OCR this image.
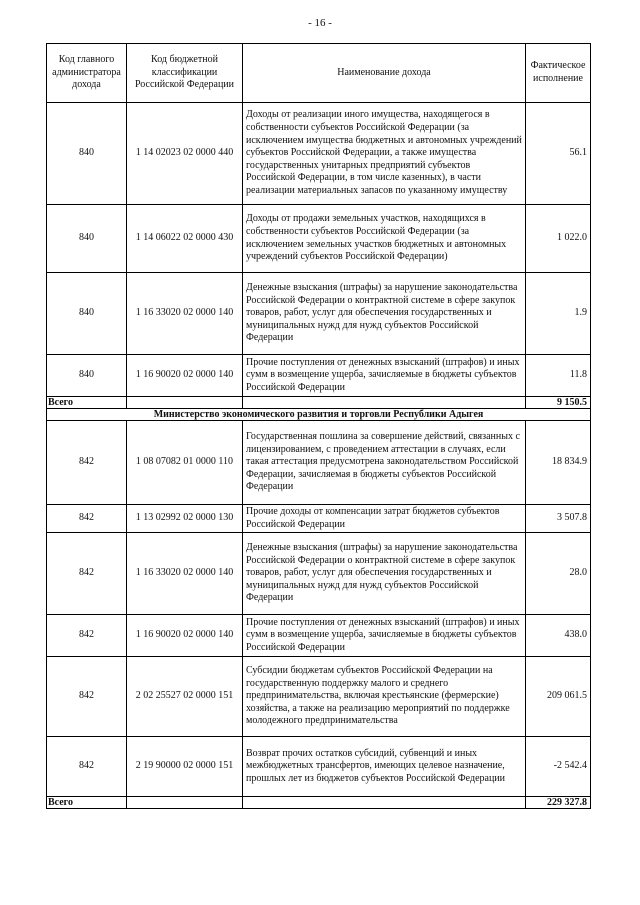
- 16 -
Код главного администратора дохода	Код бюджетной классификации Российской Федерации	Наименование дохода	Фактическое исполнение
840	1 14 02023 02 0000 440	Доходы от реализации иного имущества, находящегося в собственности субъектов Российской Федерации (за исключением имущества бюджетных и автономных учреждений субъектов Российской Федерации, а также имущества государственных унитарных предприятий субъектов Российской Федерации, в том числе казенных), в части реализации материальных запасов по указанному имуществу	56.1
840	1 14 06022 02 0000 430	Доходы от продажи земельных участков, находящихся в собственности субъектов Российской Федерации (за исключением земельных участков бюджетных и автономных учреждений субъектов Российской Федерации)	1 022.0
840	1 16 33020 02 0000 140	Денежные взыскания (штрафы) за нарушение законодательства Российской Федерации о контрактной системе в сфере закупок товаров, работ, услуг для обеспечения государственных и муниципальных нужд для нужд субъектов Российской Федерации	1.9
840	1 16 90020 02 0000 140	Прочие поступления от денежных взысканий (штрафов) и иных сумм в возмещение ущерба, зачисляемые в бюджеты субъектов Российской Федерации	11.8
Всего			9 150.5
Министерство экономического развития и торговли Республики Адыгея			
842	1 08 07082 01 0000 110	Государственная пошлина за совершение действий, связанных с лицензированием, с проведением аттестации в случаях, если такая аттестация предусмотрена законодательством Российской Федерации, зачисляемая в бюджеты субъектов Российской Федерации	18 834.9
842	1 13 02992 02 0000 130	Прочие доходы от компенсации затрат бюджетов субъектов Российской Федерации	3 507.8
842	1 16 33020 02 0000 140	Денежные взыскания (штрафы) за нарушение законодательства Российской Федерации о контрактной системе в сфере закупок товаров, работ, услуг для обеспечения государственных и муниципальных нужд для нужд субъектов Российской Федерации	28.0
842	1 16 90020 02 0000 140	Прочие поступления от денежных взысканий (штрафов) и иных сумм в возмещение ущерба, зачисляемые в бюджеты субъектов Российской Федерации	438.0
842	2 02 25527 02 0000 151	Субсидии бюджетам субъектов Российской Федерации на государственную поддержку малого и среднего предпринимательства, включая крестьянские (фермерские) хозяйства, а также на реализацию мероприятий по поддержке молодежного предпринимательства	209 061.5
842	2 19 90000 02 0000 151	Возврат прочих остатков субсидий, субвенций и иных межбюджетных трансфертов, имеющих целевое назначение, прошлых лет из бюджетов субъектов Российской Федерации	-2 542.4
Всего			229 327.8
